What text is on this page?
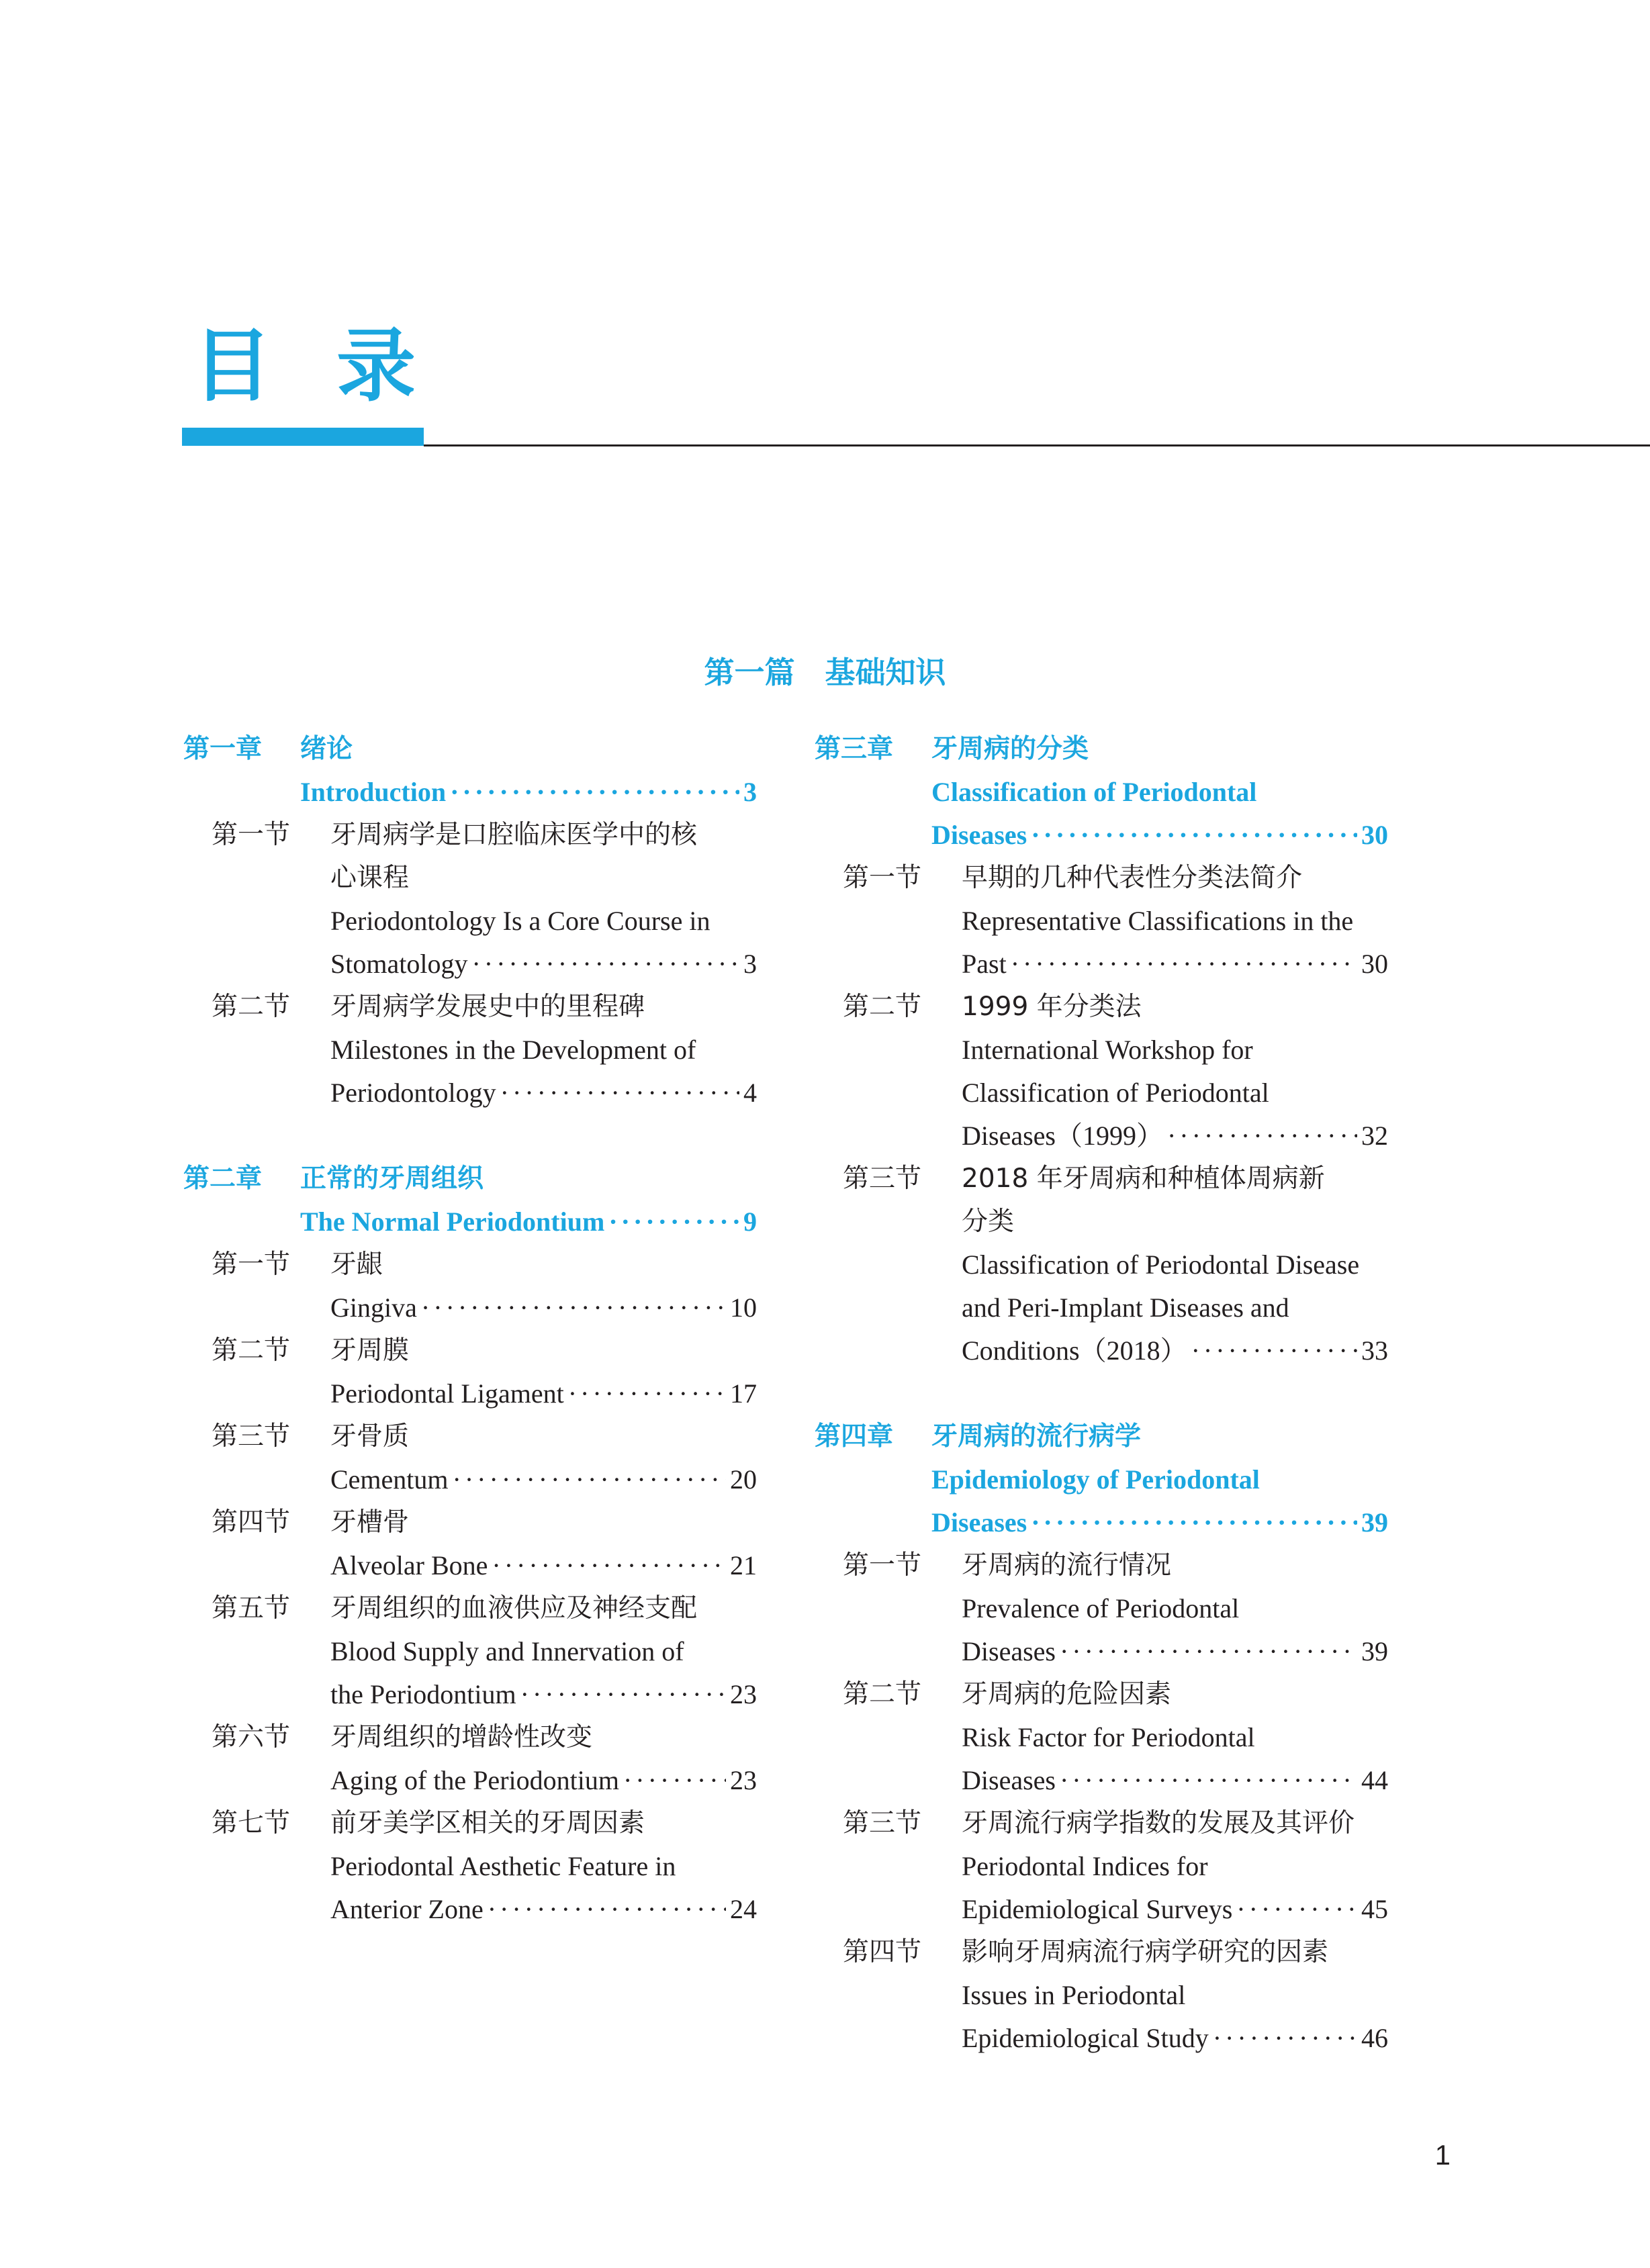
目录
第一篇　基础知识
第一章 绪论
Introduction ·····	3
第一节 牙周病学是口腔临床医学中的核
心课程
Periodontology Is a Core Course in
Stomatology ·····	3
第二节 牙周病学发展史中的里程碑
Milestones in the Development of
Periodontology ·····	4
第二章 正常的牙周组织
The Normal Periodontium ·····	9
第一节 牙龈
Gingiva ·····	10
第二节 牙周膜
Periodontal Ligament ·····	17
第三节 牙骨质
Cementum ·····	20
第四节 牙槽骨
Alveolar Bone ·····	21
第五节 牙周组织的血液供应及神经支配
Blood Supply and Innervation of
the Periodontium ·····	23
第六节 牙周组织的增龄性改变
Aging of the Periodontium ·····	23
第七节 前牙美学区相关的牙周因素
Periodontal Aesthetic Feature in
Anterior Zone ·····	24
第三章 牙周病的分类
Classification of Periodontal
Diseases ·····	30
第一节 早期的几种代表性分类法简介
Representative Classifications in the
Past ·····	30
第二节 1999 年分类法
International Workshop for
Classification of Periodontal
Diseases（1999） ·····	32
第三节 2018 年牙周病和种植体周病新
分类
Classification of Periodontal Disease
and Peri-Implant Diseases and
Conditions（2018） ·····	33
第四章 牙周病的流行病学
Epidemiology of Periodontal
Diseases ·····	39
第一节 牙周病的流行情况
Prevalence of Periodontal
Diseases ·····	39
第二节 牙周病的危险因素
Risk Factor for Periodontal
Diseases ·····	44
第三节 牙周流行病学指数的发展及其评价
Periodontal Indices for
Epidemiological Surveys ·····	45
第四节 影响牙周病流行病学研究的因素
Issues in Periodontal
Epidemiological Study ·····	46
1
